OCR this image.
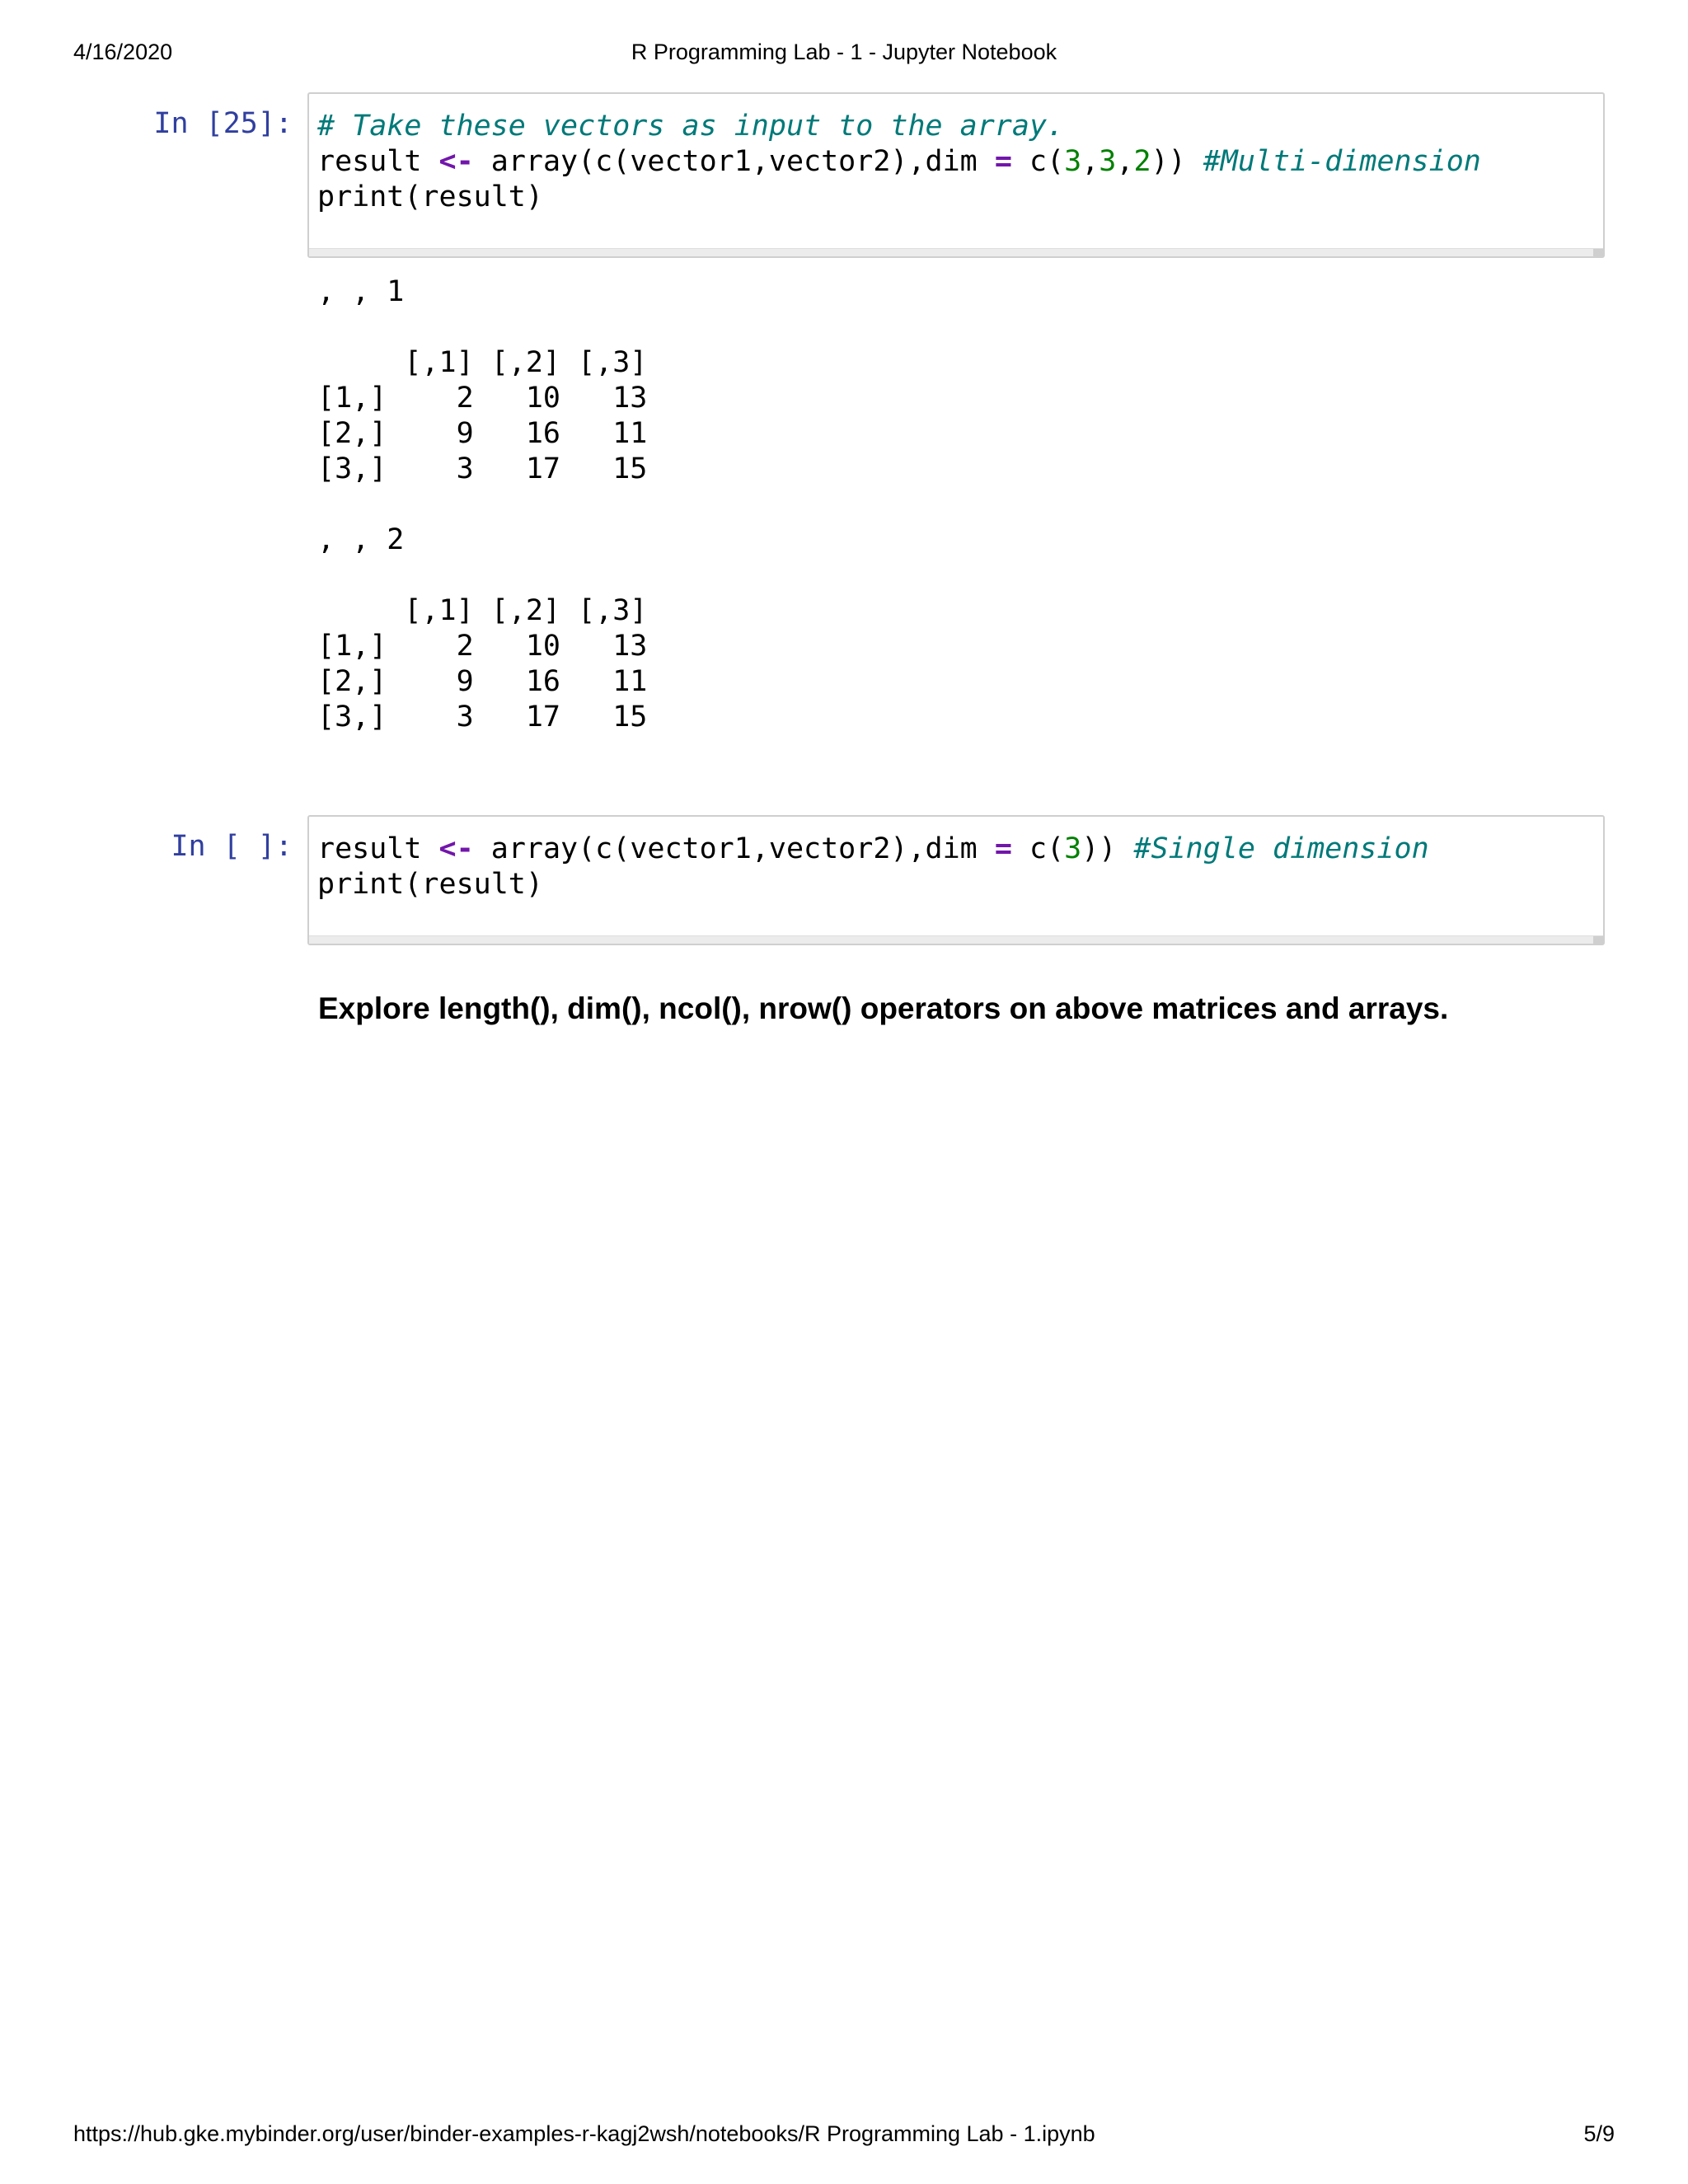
4/16/2020	R Programming Lab - 1 - Jupyter Notebook
In [25]: # Take these vectors as input to the array.
result <- array(c(vector1,vector2),dim = c(3,3,2)) #Multi-dimension
print(result)
, , 1

[,1] [,2] [,3]
[1,]    2   10   13
[2,]    9   16   11
[3,]    3   17   15

, , 2

[,1] [,2] [,3]
[1,]    2   10   13
[2,]    9   16   11
[3,]    3   17   15
In [ ]: result <- array(c(vector1,vector2),dim = c(3)) #Single dimension
print(result)
Explore length(), dim(), ncol(), nrow() operators on above matrices and arrays.
https://hub.gke.mybinder.org/user/binder-examples-r-kagj2wsh/notebooks/R Programming Lab - 1.ipynb	5/9
